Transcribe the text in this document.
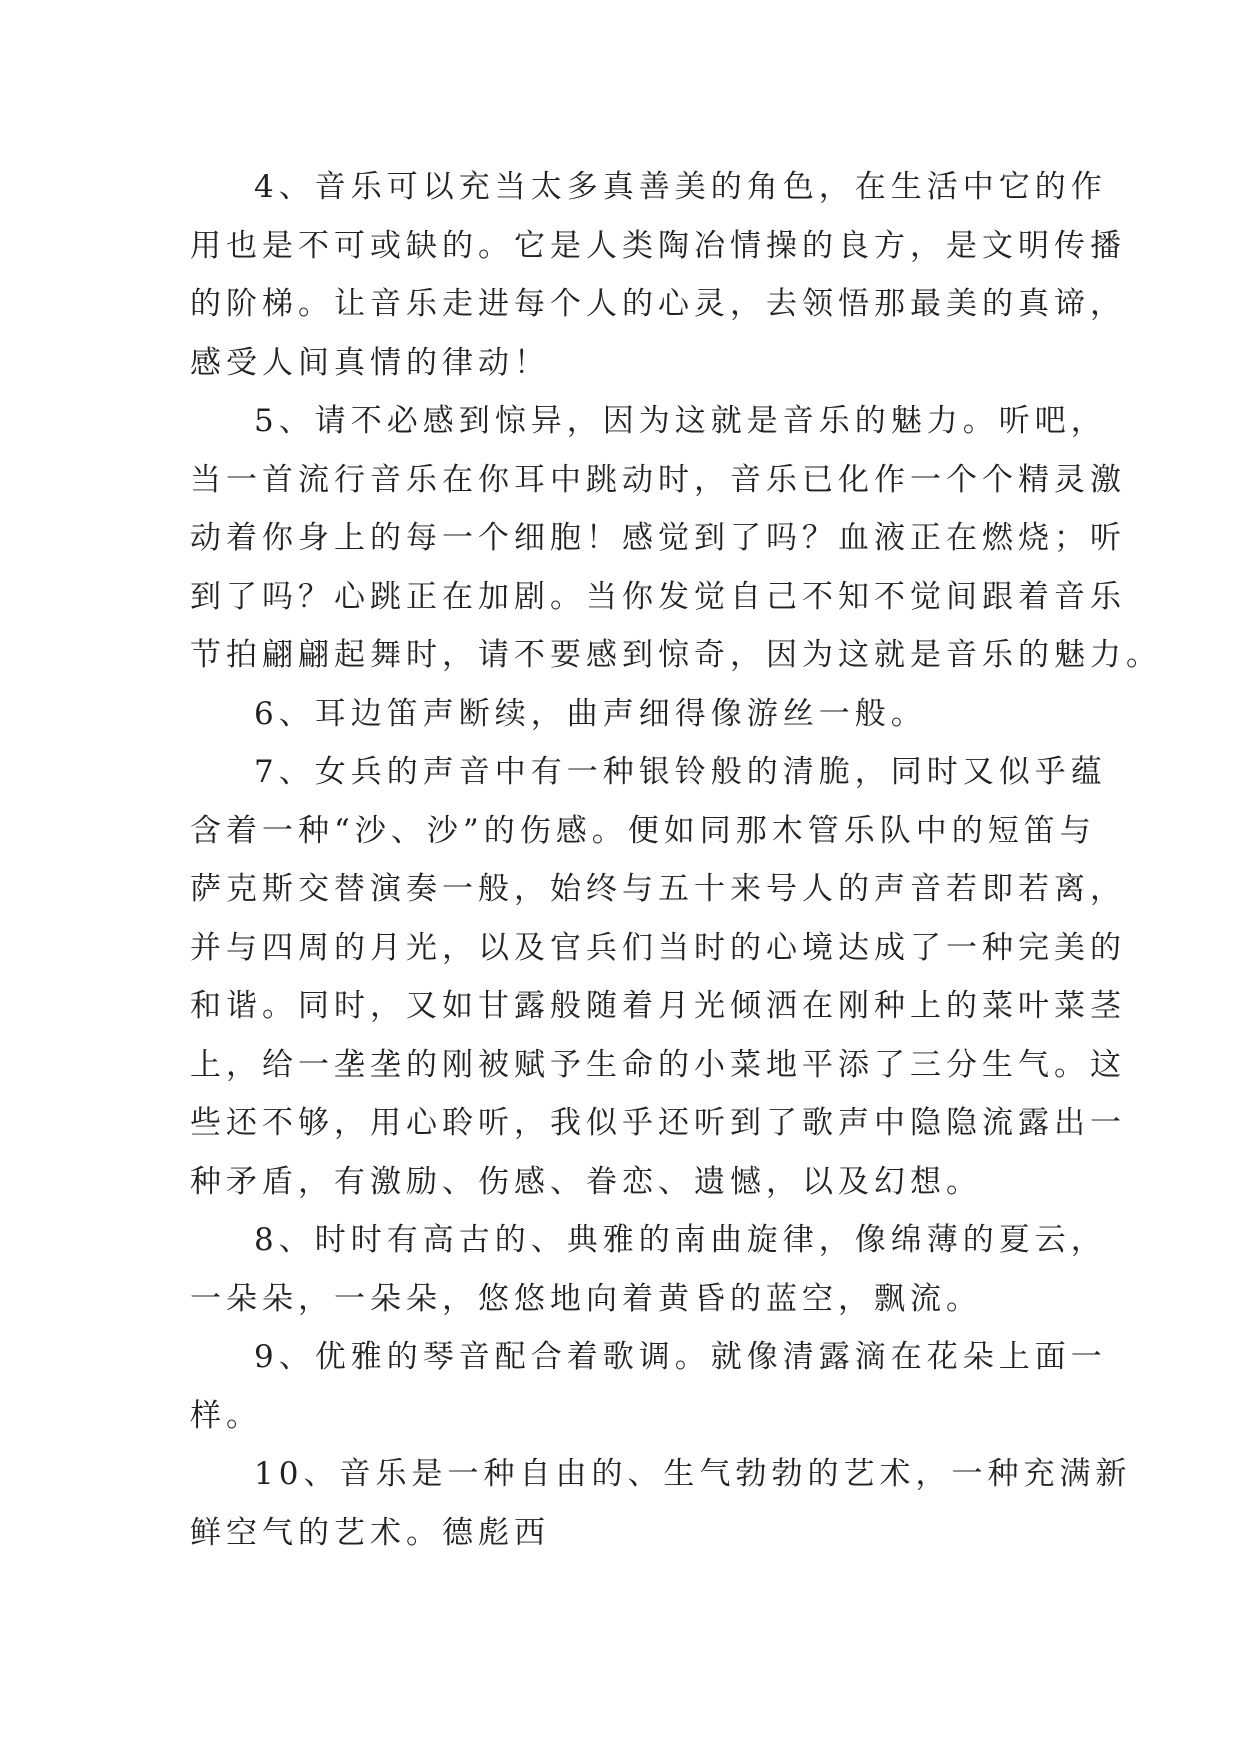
4、音乐可以充当太多真善美的角色，在生活中它的作
用也是不可或缺的。它是人类陶冶情操的良方，是文明传播
的阶梯。让音乐走进每个人的心灵，去领悟那最美的真谛，
感受人间真情的律动！
5、请不必感到惊异，因为这就是音乐的魅力。听吧，
当一首流行音乐在你耳中跳动时，音乐已化作一个个精灵激
动着你身上的每一个细胞！感觉到了吗？血液正在燃烧；听
到了吗？心跳正在加剧。当你发觉自己不知不觉间跟着音乐
节拍翩翩起舞时，请不要感到惊奇，因为这就是音乐的魅力。
6、耳边笛声断续，曲声细得像游丝一般。
7、女兵的声音中有一种银铃般的清脆，同时又似乎蕴
含着一种“沙、沙”的伤感。便如同那木管乐队中的短笛与
萨克斯交替演奏一般，始终与五十来号人的声音若即若离，
并与四周的月光，以及官兵们当时的心境达成了一种完美的
和谐。同时，又如甘露般随着月光倾洒在刚种上的菜叶菜茎
上，给一垄垄的刚被赋予生命的小菜地平添了三分生气。这
些还不够，用心聆听，我似乎还听到了歌声中隐隐流露出一
种矛盾，有激励、伤感、眷恋、遗憾，以及幻想。
8、时时有高古的、典雅的南曲旋律，像绵薄的夏云，
一朵朵，一朵朵，悠悠地向着黄昏的蓝空，飘流。
9、优雅的琴音配合着歌调。就像清露滴在花朵上面一
样。
10、音乐是一种自由的、生气勃勃的艺术，一种充满新
鲜空气的艺术。德彪西
